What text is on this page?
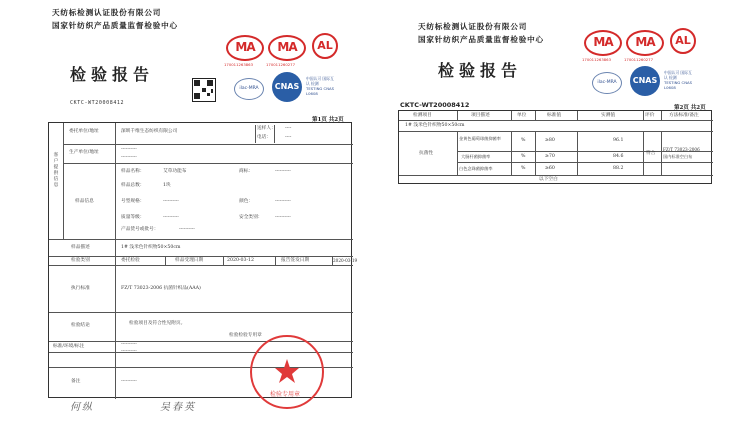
天纺标检测认证股份有限公司
国家针纺织产品质量监督检验中心
MA
170011263863
MA
170011260277
AL
检验报告
ilac-MRA	CNAS
中国认可 国际互认 检测 TESTING CNAS L0608
CKTC-WT20008412
第1页 共2页
客户提供信息
委托单位/地址	深圳千维生态纺织有限公司
送样人： ----
电话：	----
生产单位/地址
----------
----------
样品信息
样品名称：	艾草功能布	商标：	----------
样品总数：	1块
号型规格：	----------	颜色：	----------
质量等级：	----------	安全类别：	----------
产品货号或批号：	----------
样品描述	1# 浅米色针织物50×50cm
检验类别	委托检验	样品受理日期	2020-03-12	报告签发日期	2020-03-19
执行标准	FZ/T 73023-2006 抗菌针织品(AAA)
检验结论	检验项目及符合性见附页。
检验检验专用章
标准/环境/标注	----------
----------
备注	----------
检验专用章
何纵	吴春英
天纺标检测认证股份有限公司
国家针纺织产品质量监督检验中心	MA
170011263863
MA
170011260277
AL
检验报告
ilac-MRA	CNAS
中国认可 国际互认 检测 TESTING CNAS L0608
CKTC-WT20008412	第2页 共2页
检测项目	项目描述	单位	标准值	实测值	评价	方法标准/备注
1# 浅米色针织物50×50cm
抗菌性
金黄色葡萄球菌抑菌率	%	≥80	96.1
大肠杆菌抑菌率	%	≥70	84.6
白色念珠菌抑菌率	%	≥60	88.2
符合
FZ/T 73023-2006
国内标准空白布
以下空白
